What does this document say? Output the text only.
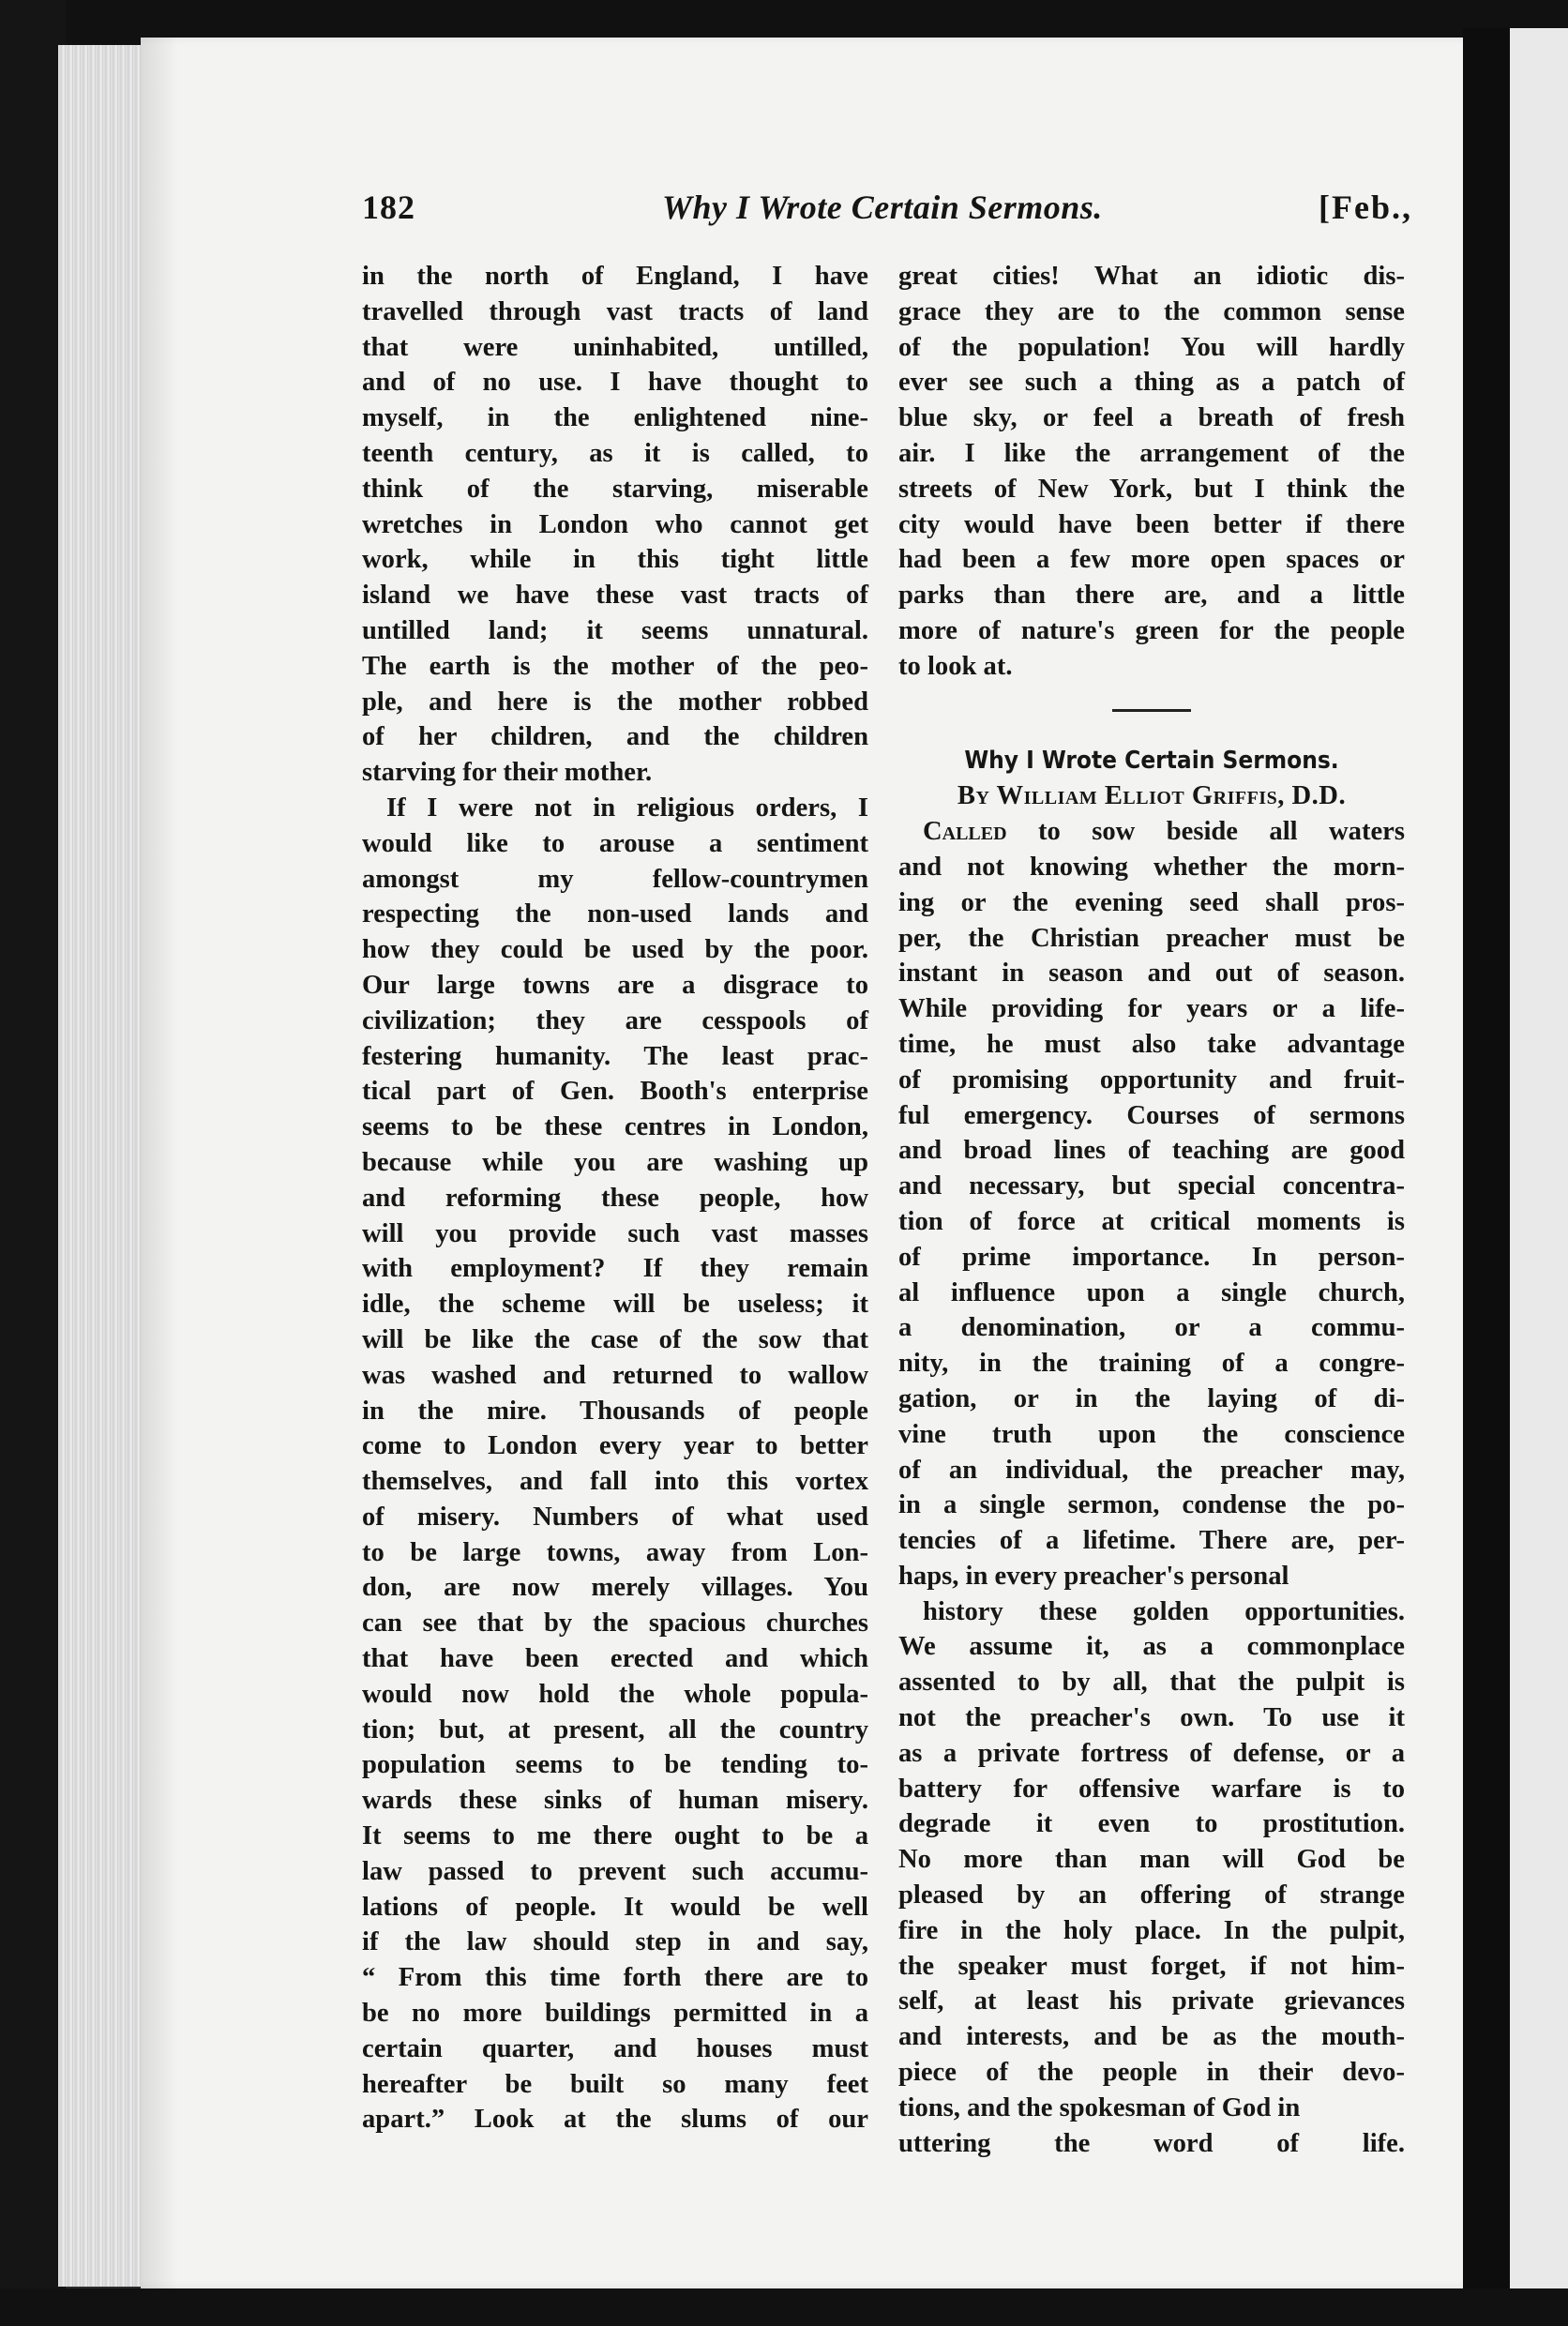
182	Why I Wrote Certain Sermons.	[Feb.,
in the north of England, I have
travelled through vast tracts of land
that were uninhabited, untilled,
and of no use. I have thought to
myself, in the enlightened nine-
teenth century, as it is called, to
think of the starving, miserable
wretches in London who cannot get
work, while in this tight little
island we have these vast tracts of
untilled land; it seems unnatural.
The earth is the mother of the peo-
ple, and here is the mother robbed
of her children, and the children
starving for their mother.
If I were not in religious orders, I
would like to arouse a sentiment
amongst my fellow-countrymen
respecting the non-used lands and
how they could be used by the poor.
Our large towns are a disgrace to
civilization; they are cesspools of
festering humanity. The least prac-
tical part of Gen. Booth's enterprise
seems to be these centres in London,
because while you are washing up
and reforming these people, how
will you provide such vast masses
with employment? If they remain
idle, the scheme will be useless; it
will be like the case of the sow that
was washed and returned to wallow
in the mire. Thousands of people
come to London every year to better
themselves, and fall into this vortex
of misery. Numbers of what used
to be large towns, away from Lon-
don, are now merely villages. You
can see that by the spacious churches
that have been erected and which
would now hold the whole popula-
tion; but, at present, all the country
population seems to be tending to-
wards these sinks of human misery.
It seems to me there ought to be a
law passed to prevent such accumu-
lations of people. It would be well
if the law should step in and say,
“ From this time forth there are to
be no more buildings permitted in a
certain quarter, and houses must
hereafter be built so many feet
apart.” Look at the slums of our
great cities! What an idiotic dis-
grace they are to the common sense
of the population! You will hardly
ever see such a thing as a patch of
blue sky, or feel a breath of fresh
air. I like the arrangement of the
streets of New York, but I think the
city would have been better if there
had been a few more open spaces or
parks than there are, and a little
more of nature's green for the people
to look at.
Why I Wrote Certain Sermons.
By William Elliot Griffis, D.D.
Called to sow beside all waters
and not knowing whether the morn-
ing or the evening seed shall pros-
per, the Christian preacher must be
instant in season and out of season.
While providing for years or a life-
time, he must also take advantage
of promising opportunity and fruit-
ful emergency. Courses of sermons
and broad lines of teaching are good
and necessary, but special concentra-
tion of force at critical moments is
of prime importance. In person-
al influence upon a single church,
a denomination, or a commu-
nity, in the training of a congre-
gation, or in the laying of di-
vine truth upon the conscience
of an individual, the preacher may,
in a single sermon, condense the po-
tencies of a lifetime. There are, per-
haps, in every preacher's personal
history these golden opportunities.
We assume it, as a commonplace
assented to by all, that the pulpit is
not the preacher's own. To use it
as a private fortress of defense, or a
battery for offensive warfare is to
degrade it even to prostitution.
No more than man will God be
pleased by an offering of strange
fire in the holy place. In the pulpit,
the speaker must forget, if not him-
self, at least his private grievances
and interests, and be as the mouth-
piece of the people in their devo-
tions, and the spokesman of God in
uttering the word of life.
